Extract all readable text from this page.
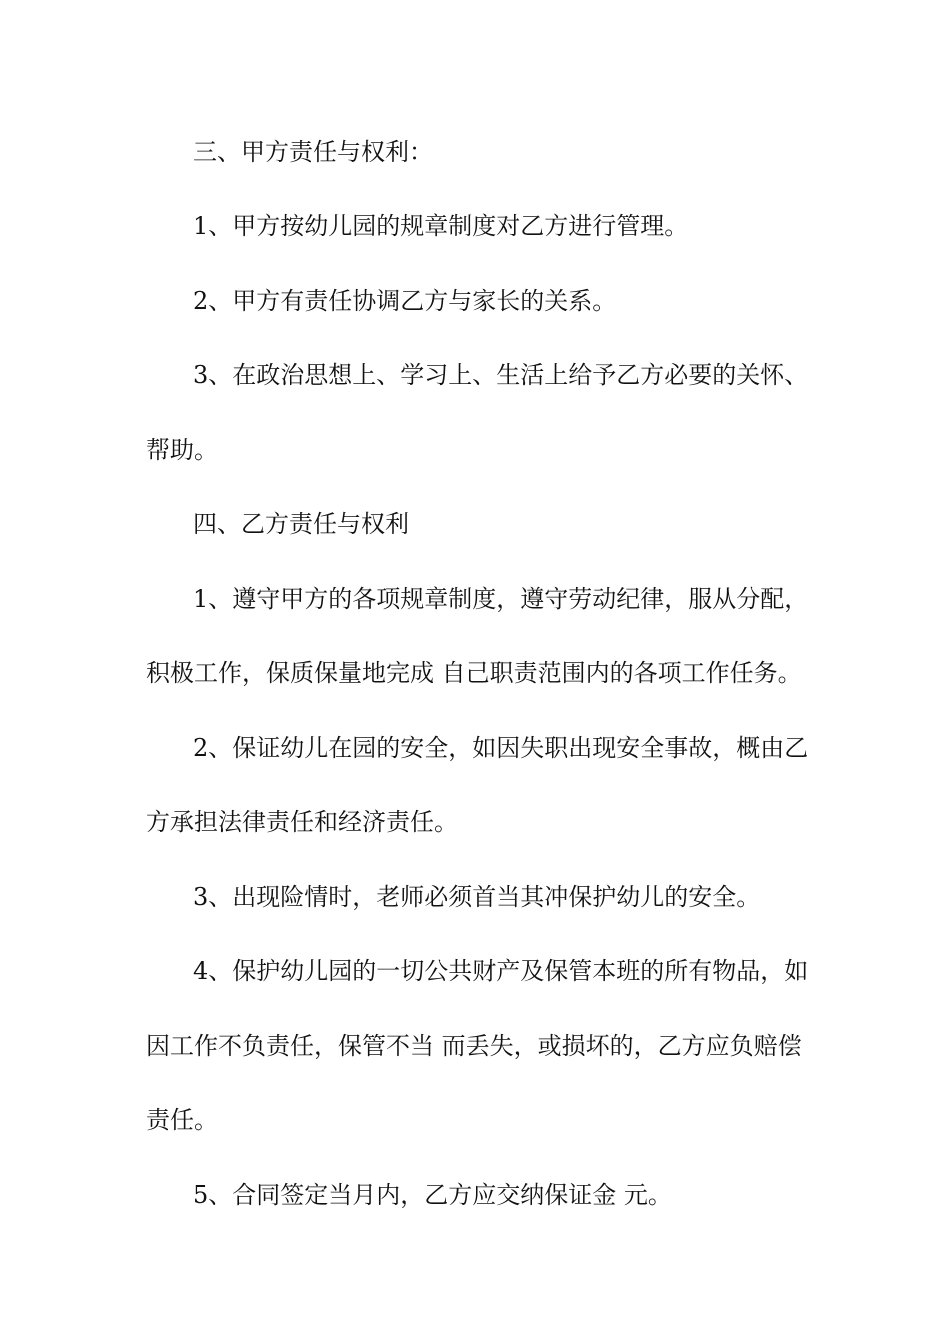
三、甲方责任与权利：
1、甲方按幼儿园的规章制度对乙方进行管理。
2、甲方有责任协调乙方与家长的关系。
3、在政治思想上、学习上、生活上给予乙方必要的关怀、
帮助。
四、乙方责任与权利
1、遵守甲方的各项规章制度，遵守劳动纪律，服从分配，
积极工作，保质保量地完成 自己职责范围内的各项工作任务。
2、保证幼儿在园的安全，如因失职出现安全事故，概由乙
方承担法律责任和经济责任。
3、出现险情时，老师必须首当其冲保护幼儿的安全。
4、保护幼儿园的一切公共财产及保管本班的所有物品，如
因工作不负责任，保管不当 而丢失，或损坏的，乙方应负赔偿
责任。
5、合同签定当月内，乙方应交纳保证金 元。
